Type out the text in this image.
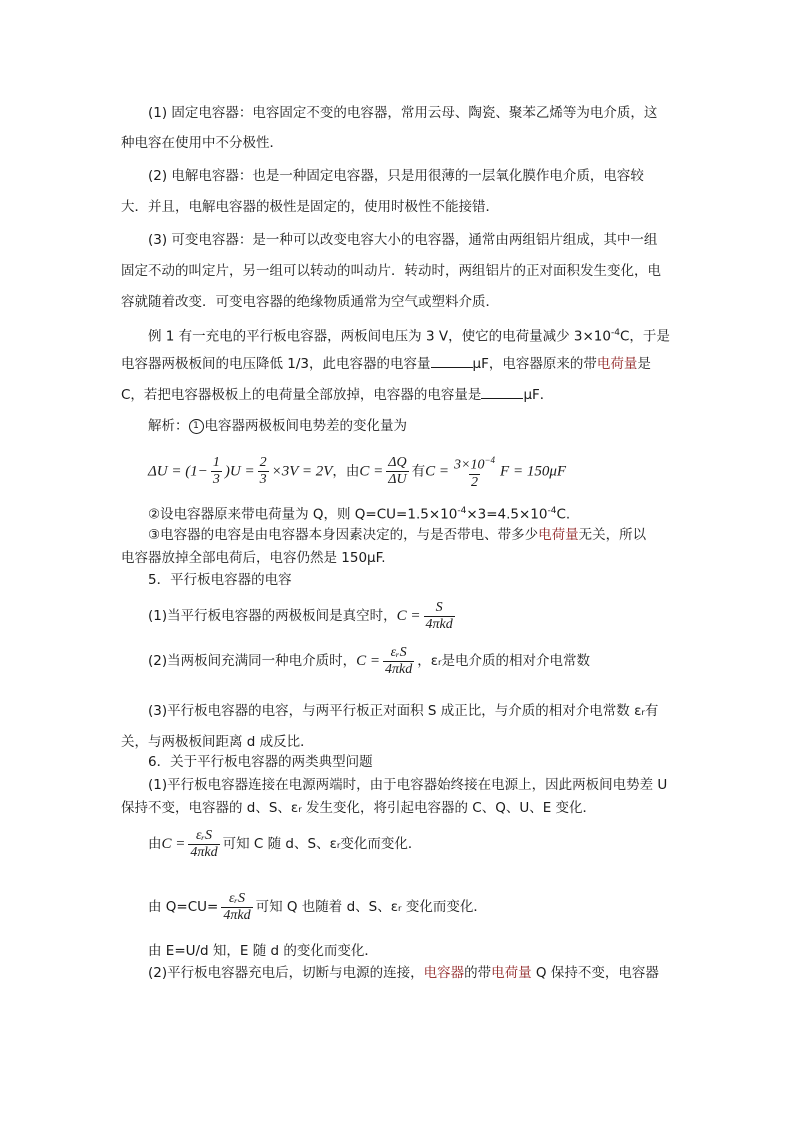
(1) 固定电容器：电容固定不变的电容器，常用云母、陶瓷、聚苯乙烯等为电介质，这
种电容在使用中不分极性．
(2) 电解电容器：也是一种固定电容器，只是用很薄的一层氧化膜作电介质，电容较
大．并且，电解电容器的极性是固定的，使用时极性不能接错．
(3) 可变电容器：是一种可以改变电容大小的电容器，通常由两组铝片组成，其中一组
固定不动的叫定片，另一组可以转动的叫动片．转动时，两组铝片的正对面积发生变化，电
容就随着改变．可变电容器的绝缘物质通常为空气或塑料介质．
例 1 有一充电的平行板电容器，两板间电压为 3 V，使它的电荷量减少 $3\times 10^{-4}C$，于是
电容器两极板间的电压降低 1/3，此电容器的电容量	μF，电容器原来的带电荷量是
C，若把电容器极板上的电荷量全部放掉，电容器的电容量是	μF．
解析： 1 电容器两极板间电势差的变化量为
$\Delta U = (1- \frac{1}{3} )U = \frac{2}{3} \times 3V = 2V$，由$C = \frac{\Delta Q}{\Delta U}$ 有$C = \frac{3\times 10^{-4}}{2}$ F = 150μF
②设电容器原来带电荷量为 Q，则 $Q=CU=1.5\times 10^{-4}\times 3=4.5\times 10^{-4}C$.
③电容器的电容是由电容器本身因素决定的，与是否带电、带多少电荷量无关，所以
电容器放掉全部电荷后，电容仍然是 150μF.
5．平行板电容器的电容
(1)当平行板电容器的两极板间是真空时，$C = \frac{S}{\text{4πkd}}$
(2)当两板间充满同一种电介质时，$C = \frac{\text{εᵣS}}{\text{4πkd}}$ ，εᵣ是电介质的相对介电常数
(3)平行板电容器的电容，与两平行板正对面积 S 成正比，与介质的相对介电常数 εᵣ有
关，与两极板间距离 d 成反比．
6．关于平行板电容器的两类典型问题
(1)平行板电容器连接在电源两端时，由于电容器始终接在电源上，因此两板间电势差 U
保持不变，电容器的 d、S、εᵣ 发生变化，将引起电容器的 C、Q、U、E 变化．
由$C = \frac{\text{εᵣS}}{\text{4πkd}}$ 可知 C 随 d、S、εᵣ变化而变化．
由 $Q=CU= \frac{\text{εᵣS}}{\text{4πkd}}$ 可知 Q 也随着 d、S、εᵣ 变化而变化．
由 E=U/d 知，E 随 d 的变化而变化．
(2)平行板电容器充电后，切断与电源的连接，电容器的带电荷量 Q 保持不变，电容器
